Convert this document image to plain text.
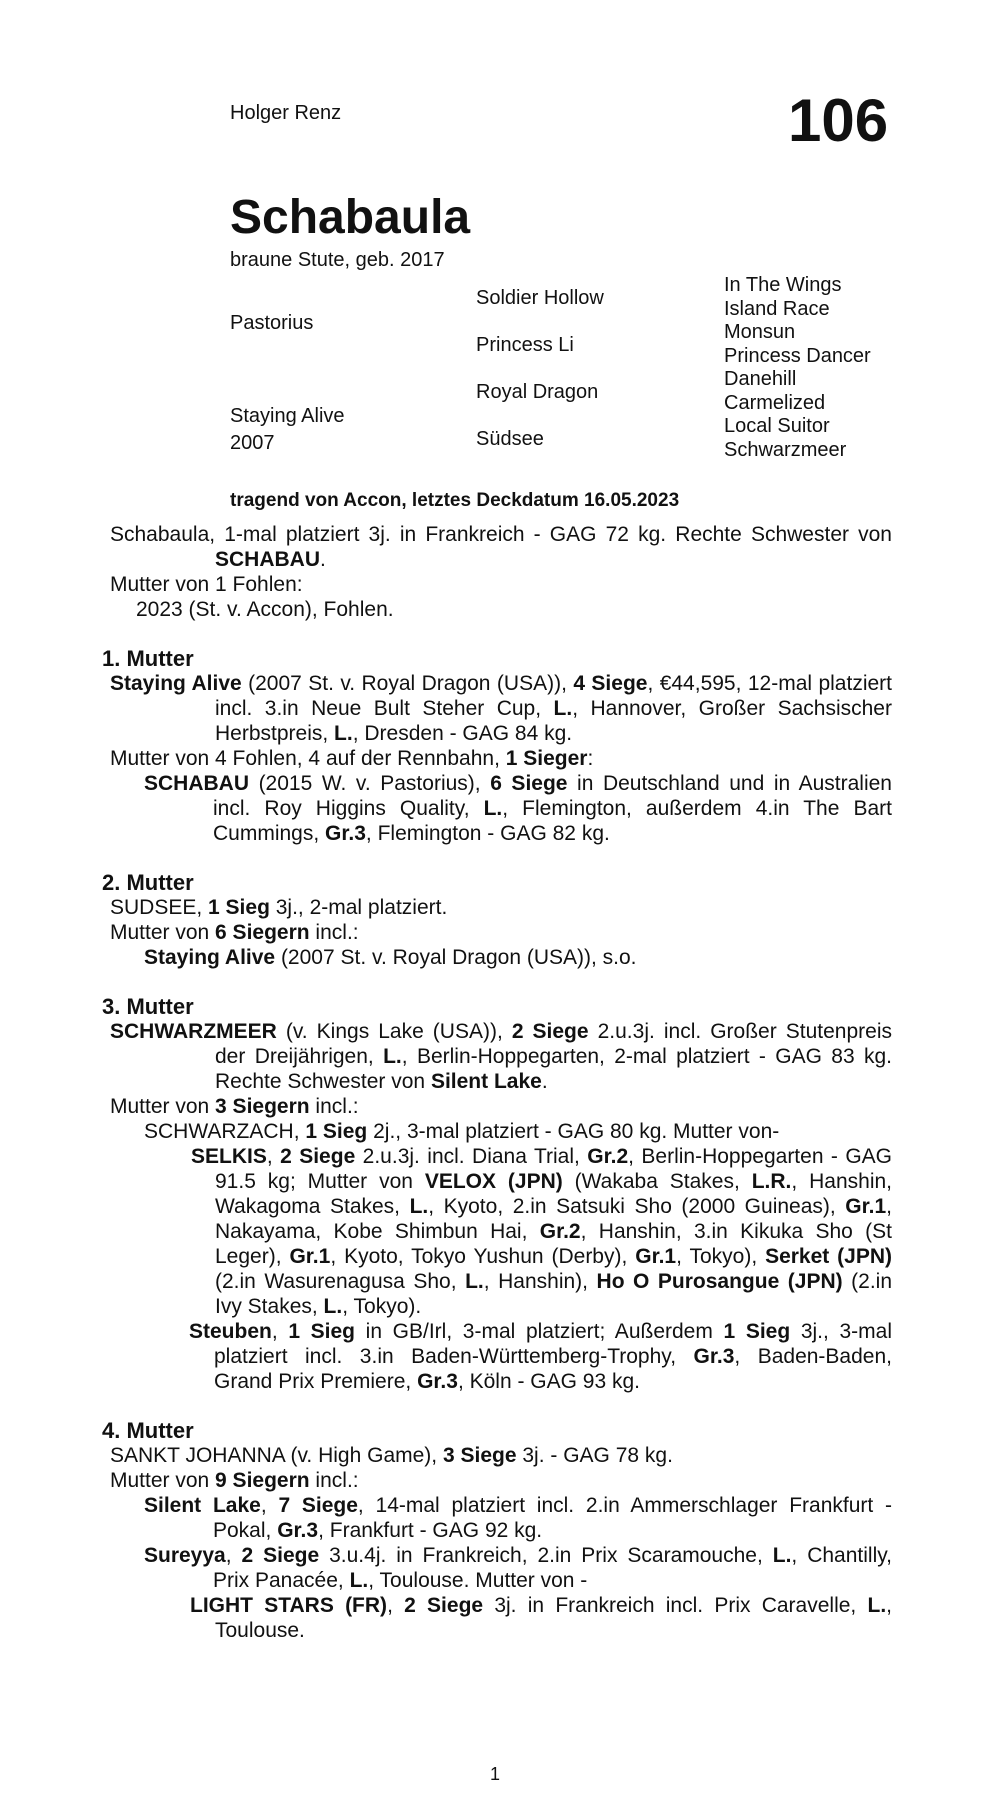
Holger Renz	106
Schabaula
braune Stute, geb. 2017
Pastorius
Staying Alive
2007
Soldier Hollow
Princess Li
Royal Dragon
Südsee
In The Wings
Island Race
Monsun
Princess Dancer
Danehill
Carmelized
Local Suitor
Schwarzmeer
tragend von Accon, letztes Deckdatum 16.05.2023

Schabaula, 1-mal platziert 3j. in Frankreich - GAG 72 kg. Rechte Schwester von SCHABAU.

Mutter von 1 Fohlen:

2023 (St. v. Accon), Fohlen.

1. Mutter

Staying Alive (2007 St. v. Royal Dragon (USA)), 4 Siege, €44,595, 12-mal platziert incl. 3.in Neue Bult Steher Cup, L., Hannover, Großer Sachsischer Herbstpreis, L., Dresden - GAG 84 kg.

Mutter von 4 Fohlen, 4 auf der Rennbahn, 1 Sieger:

SCHABAU (2015 W. v. Pastorius), 6 Siege in Deutschland und in Australien incl. Roy Higgins Quality, L., Flemington, außerdem 4.in The Bart Cummings, Gr.3, Flemington - GAG 82 kg.

2. Mutter

SUDSEE, 1 Sieg 3j., 2-mal platziert.

Mutter von 6 Siegern incl.:

Staying Alive (2007 St. v. Royal Dragon (USA)), s.o.

3. Mutter

SCHWARZMEER (v. Kings Lake (USA)), 2 Siege 2.u.3j. incl. Großer Stutenpreis der Dreijährigen, L., Berlin-Hoppegarten, 2-mal platziert - GAG 83 kg. Rechte Schwester von Silent Lake.

Mutter von 3 Siegern incl.:

SCHWARZACH, 1 Sieg 2j., 3-mal platziert - GAG 80 kg. Mutter von-

SELKIS, 2 Siege 2.u.3j. incl. Diana Trial, Gr.2, Berlin-Hoppegarten - GAG 91.5 kg; Mutter von VELOX (JPN) (Wakaba Stakes, L.R., Hanshin, Wakagoma Stakes, L., Kyoto, 2.in Satsuki Sho (2000 Guineas), Gr.1, Nakayama, Kobe Shimbun Hai, Gr.2, Hanshin, 3.in Kikuka Sho (St Leger), Gr.1, Kyoto, Tokyo Yushun (Derby), Gr.1, Tokyo), Serket (JPN) (2.in Wasurenagusa Sho, L., Hanshin), Ho O Purosangue (JPN) (2.in Ivy Stakes, L., Tokyo).

Steuben, 1 Sieg in GB/Irl, 3-mal platziert; Außerdem 1 Sieg 3j., 3-mal platziert incl. 3.in Baden-Württemberg-Trophy, Gr.3, Baden-Baden, Grand Prix Premiere, Gr.3, Köln - GAG 93 kg.

4. Mutter

SANKT JOHANNA (v. High Game), 3 Siege 3j. - GAG 78 kg.

Mutter von 9 Siegern incl.:

Silent Lake, 7 Siege, 14-mal platziert incl. 2.in Ammerschlager Frankfurt - Pokal, Gr.3, Frankfurt - GAG 92 kg.

Sureyya, 2 Siege 3.u.4j. in Frankreich, 2.in Prix Scaramouche, L., Chantilly, Prix Panacée, L., Toulouse. Mutter von -

LIGHT STARS (FR), 2 Siege 3j. in Frankreich incl. Prix Caravelle, L., Toulouse.

1
